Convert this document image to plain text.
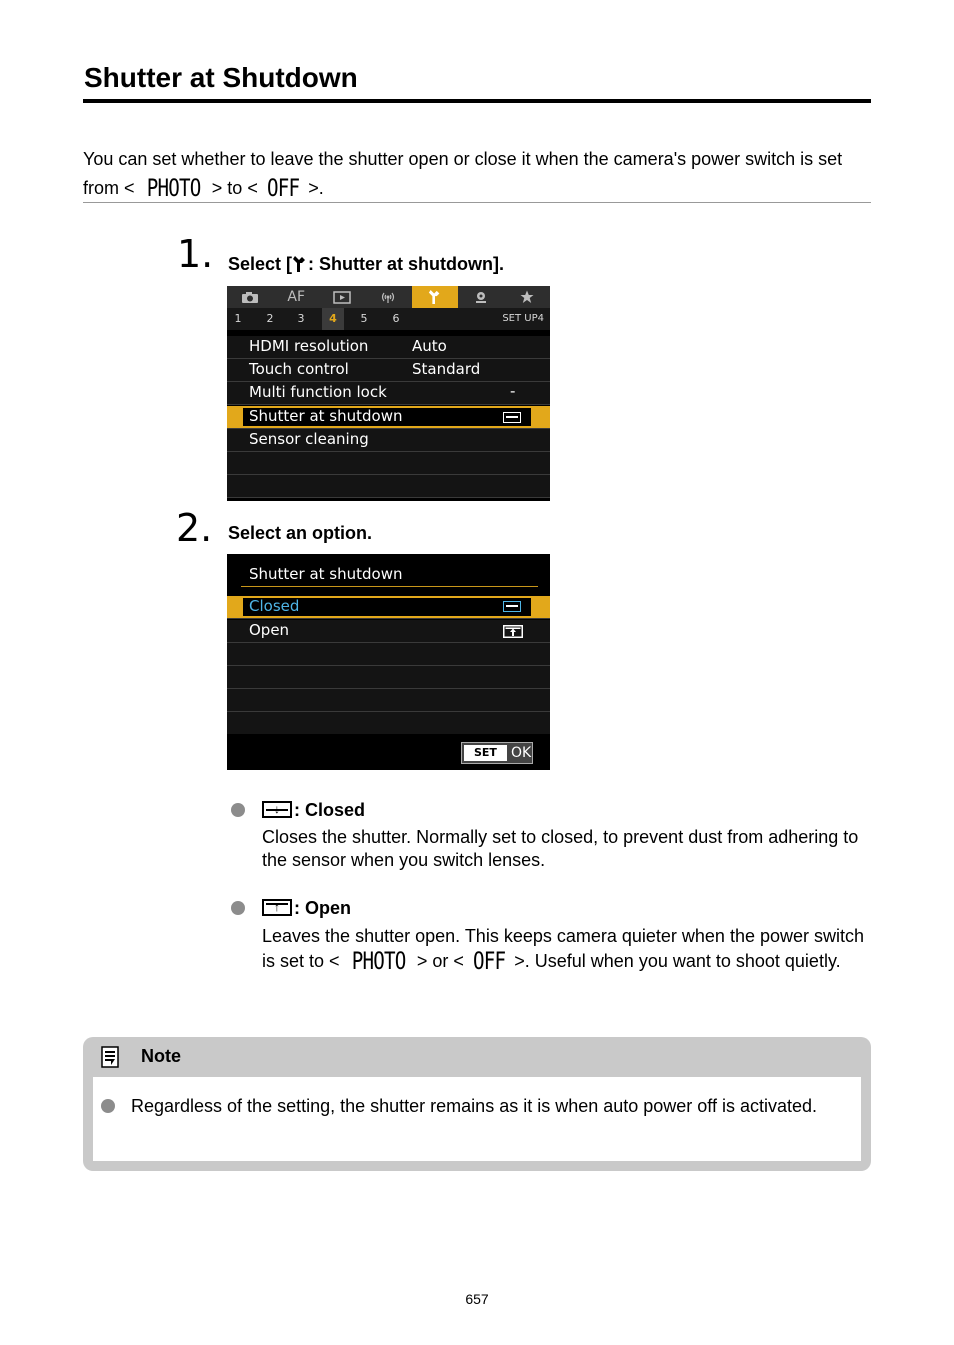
Shutter at Shutdown
You can set whether to leave the shutter open or close it when the camera's power switch is set from < PHOTO > to < OFF >.
1. Select [ : Shutter at shutdown].
AF
1	2	3	4	5	6	SET UP4
HDMI resolution	Auto
Touch control	Standard
Multi function lock	-
Shutter at shutdown
Sensor cleaning
2. Select an option.
Shutter at shutdown
Closed
Open
SET	OK
↓ : Closed
Closes the shutter. Normally set to closed, to prevent dust from adhering to the sensor when you switch lenses.
↑ : Open
Leaves the shutter open. This keeps camera quieter when the power switch is set to < PHOTO > or < OFF >. Useful when you want to shoot quietly.
Note
Regardless of the setting, the shutter remains as it is when auto power off is activated.
657
